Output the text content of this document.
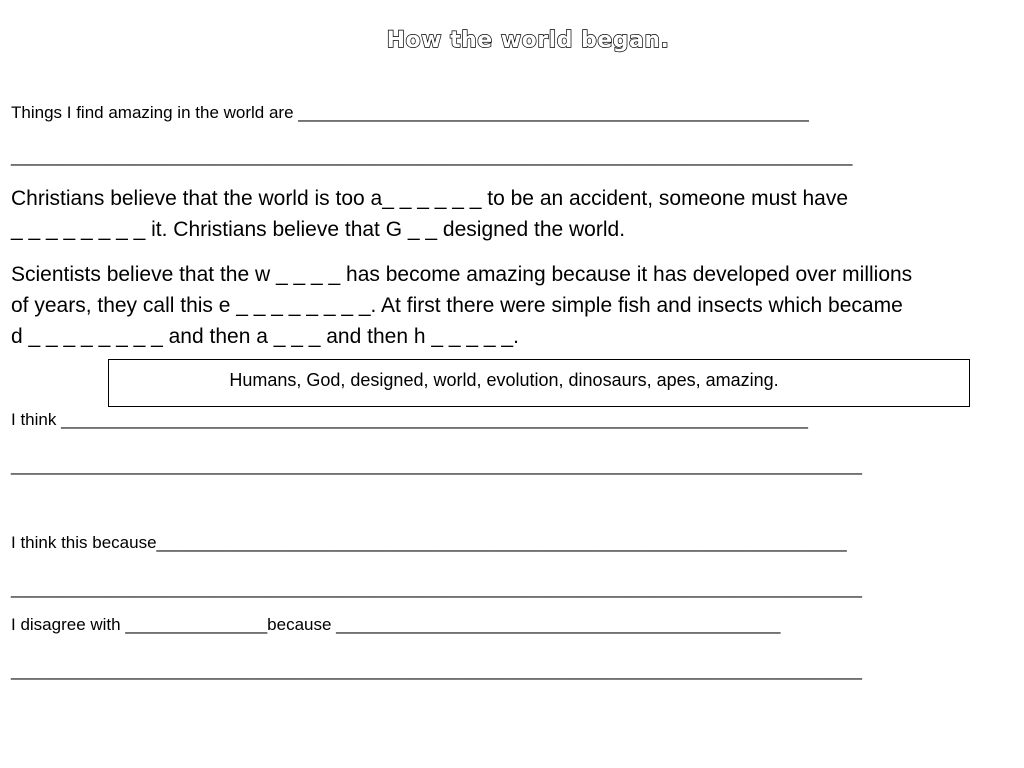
How the world began.
Things I find amazing in the world are ______________________________________________________
_________________________________________________________________________________________
Christians believe that the world is too a_ _ _ _ _ _ to be an accident, someone must have
_ _ _ _ _ _ _ _ it. Christians believe that G _ _ designed the world.
Scientists believe that the w _ _ _ _ has become amazing because it has developed over millions
of years, they call this e _ _ _ _ _ _ _ _. At first there were simple fish and insects which became
d _ _ _ _ _ _ _ _ and then a _ _ _ and then h _ _ _ _ _.
Humans, God, designed, world, evolution, dinosaurs, apes, amazing.
I think _______________________________________________________________________________
__________________________________________________________________________________________
I think this because_________________________________________________________________________
__________________________________________________________________________________________
I disagree with _______________because _______________________________________________
__________________________________________________________________________________________
